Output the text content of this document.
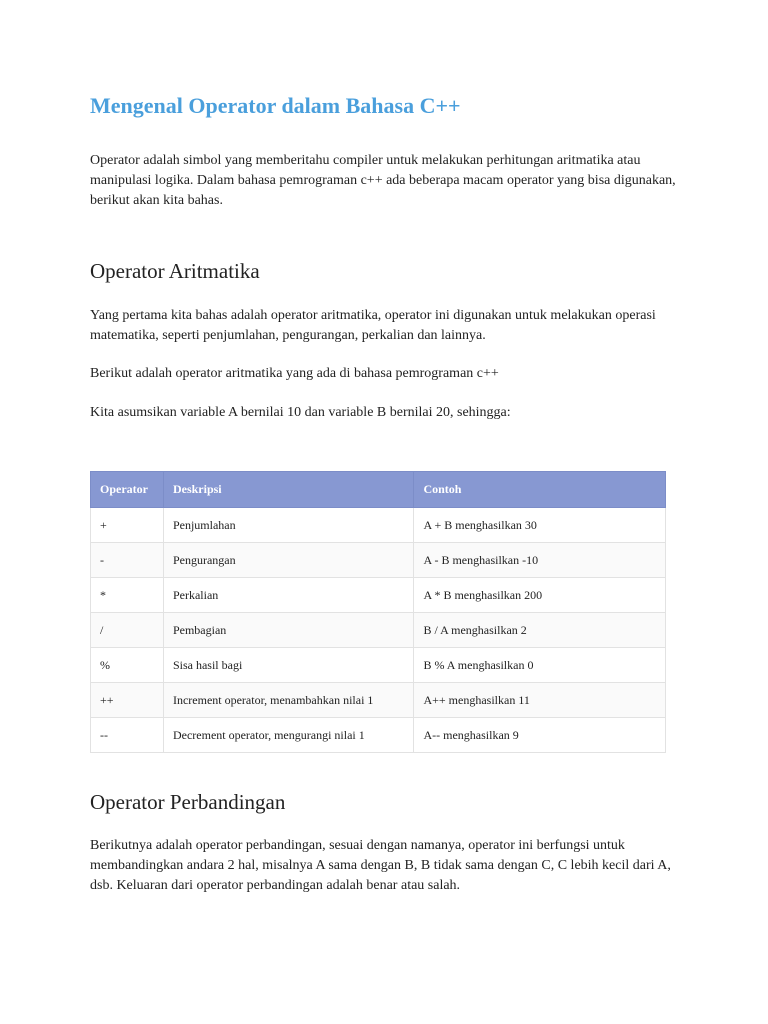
Mengenal Operator dalam Bahasa C++

Operator adalah simbol yang memberitahu compiler untuk melakukan perhitungan aritmatika atau manipulasi logika. Dalam bahasa pemrograman c++ ada beberapa macam operator yang bisa digunakan, berikut akan kita bahas.

Operator Aritmatika

Yang pertama kita bahas adalah operator aritmatika, operator ini digunakan untuk melakukan operasi matematika, seperti penjumlahan, pengurangan, perkalian dan lainnya.

Berikut adalah operator aritmatika yang ada di bahasa pemrograman c++

Kita asumsikan variable A bernilai 10 dan variable B bernilai 20, sehingga:

Operator	Deskripsi	Contoh
+	Penjumlahan	A + B menghasilkan 30
-	Pengurangan	A - B menghasilkan -10
*	Perkalian	A * B menghasilkan 200
/	Pembagian	B / A menghasilkan 2
%	Sisa hasil bagi	B % A menghasilkan 0
++	Increment operator, menambahkan nilai 1	A++ menghasilkan 11
--	Decrement operator, mengurangi nilai 1	A-- menghasilkan 9
Operator Perbandingan

Berikutnya adalah operator perbandingan, sesuai dengan namanya, operator ini berfungsi untuk membandingkan andara 2 hal, misalnya A sama dengan B, B tidak sama dengan C, C lebih kecil dari A, dsb. Keluaran dari operator perbandingan adalah benar atau salah.
